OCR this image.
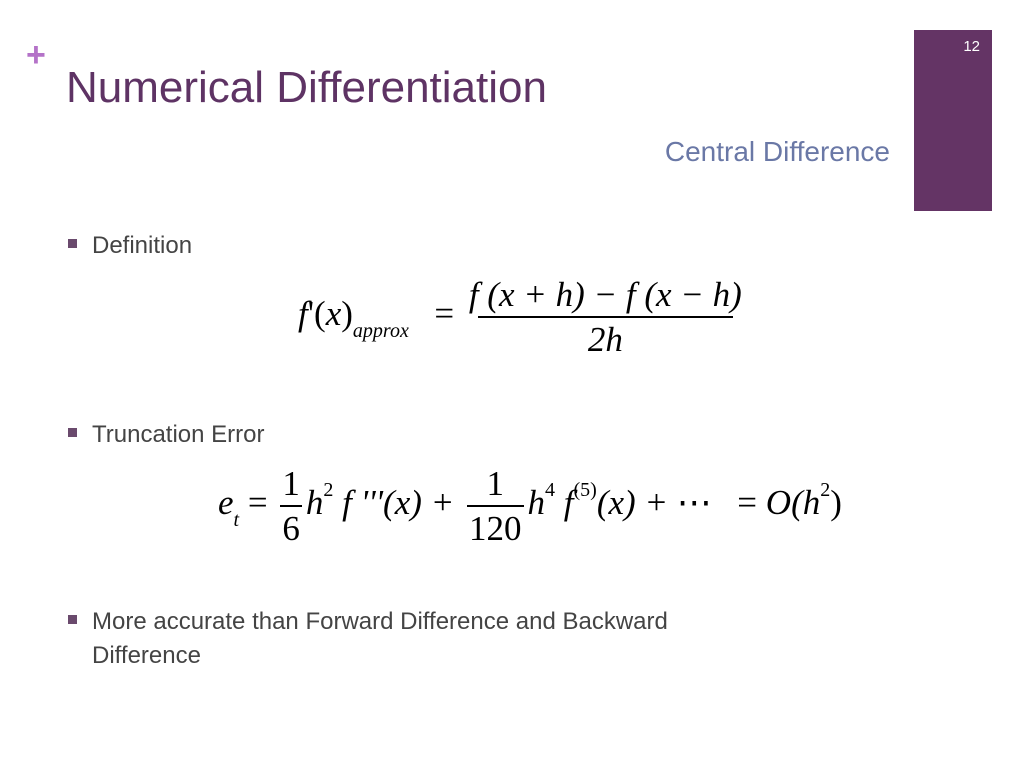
+
Numerical Differentiation
Central Difference
12
Definition
$f'(x)_{approx} = \frac{f (x + h) - f (x - h)}{2h}$
Truncation Error
$e_t = \frac{1}{6} h^2$ f '''$(x) + \frac{1}{120} h^4$ $f^{(5)}(x)$ + ⋯ = $O(h^2)$
More accurate than Forward Difference and Backward
Difference
